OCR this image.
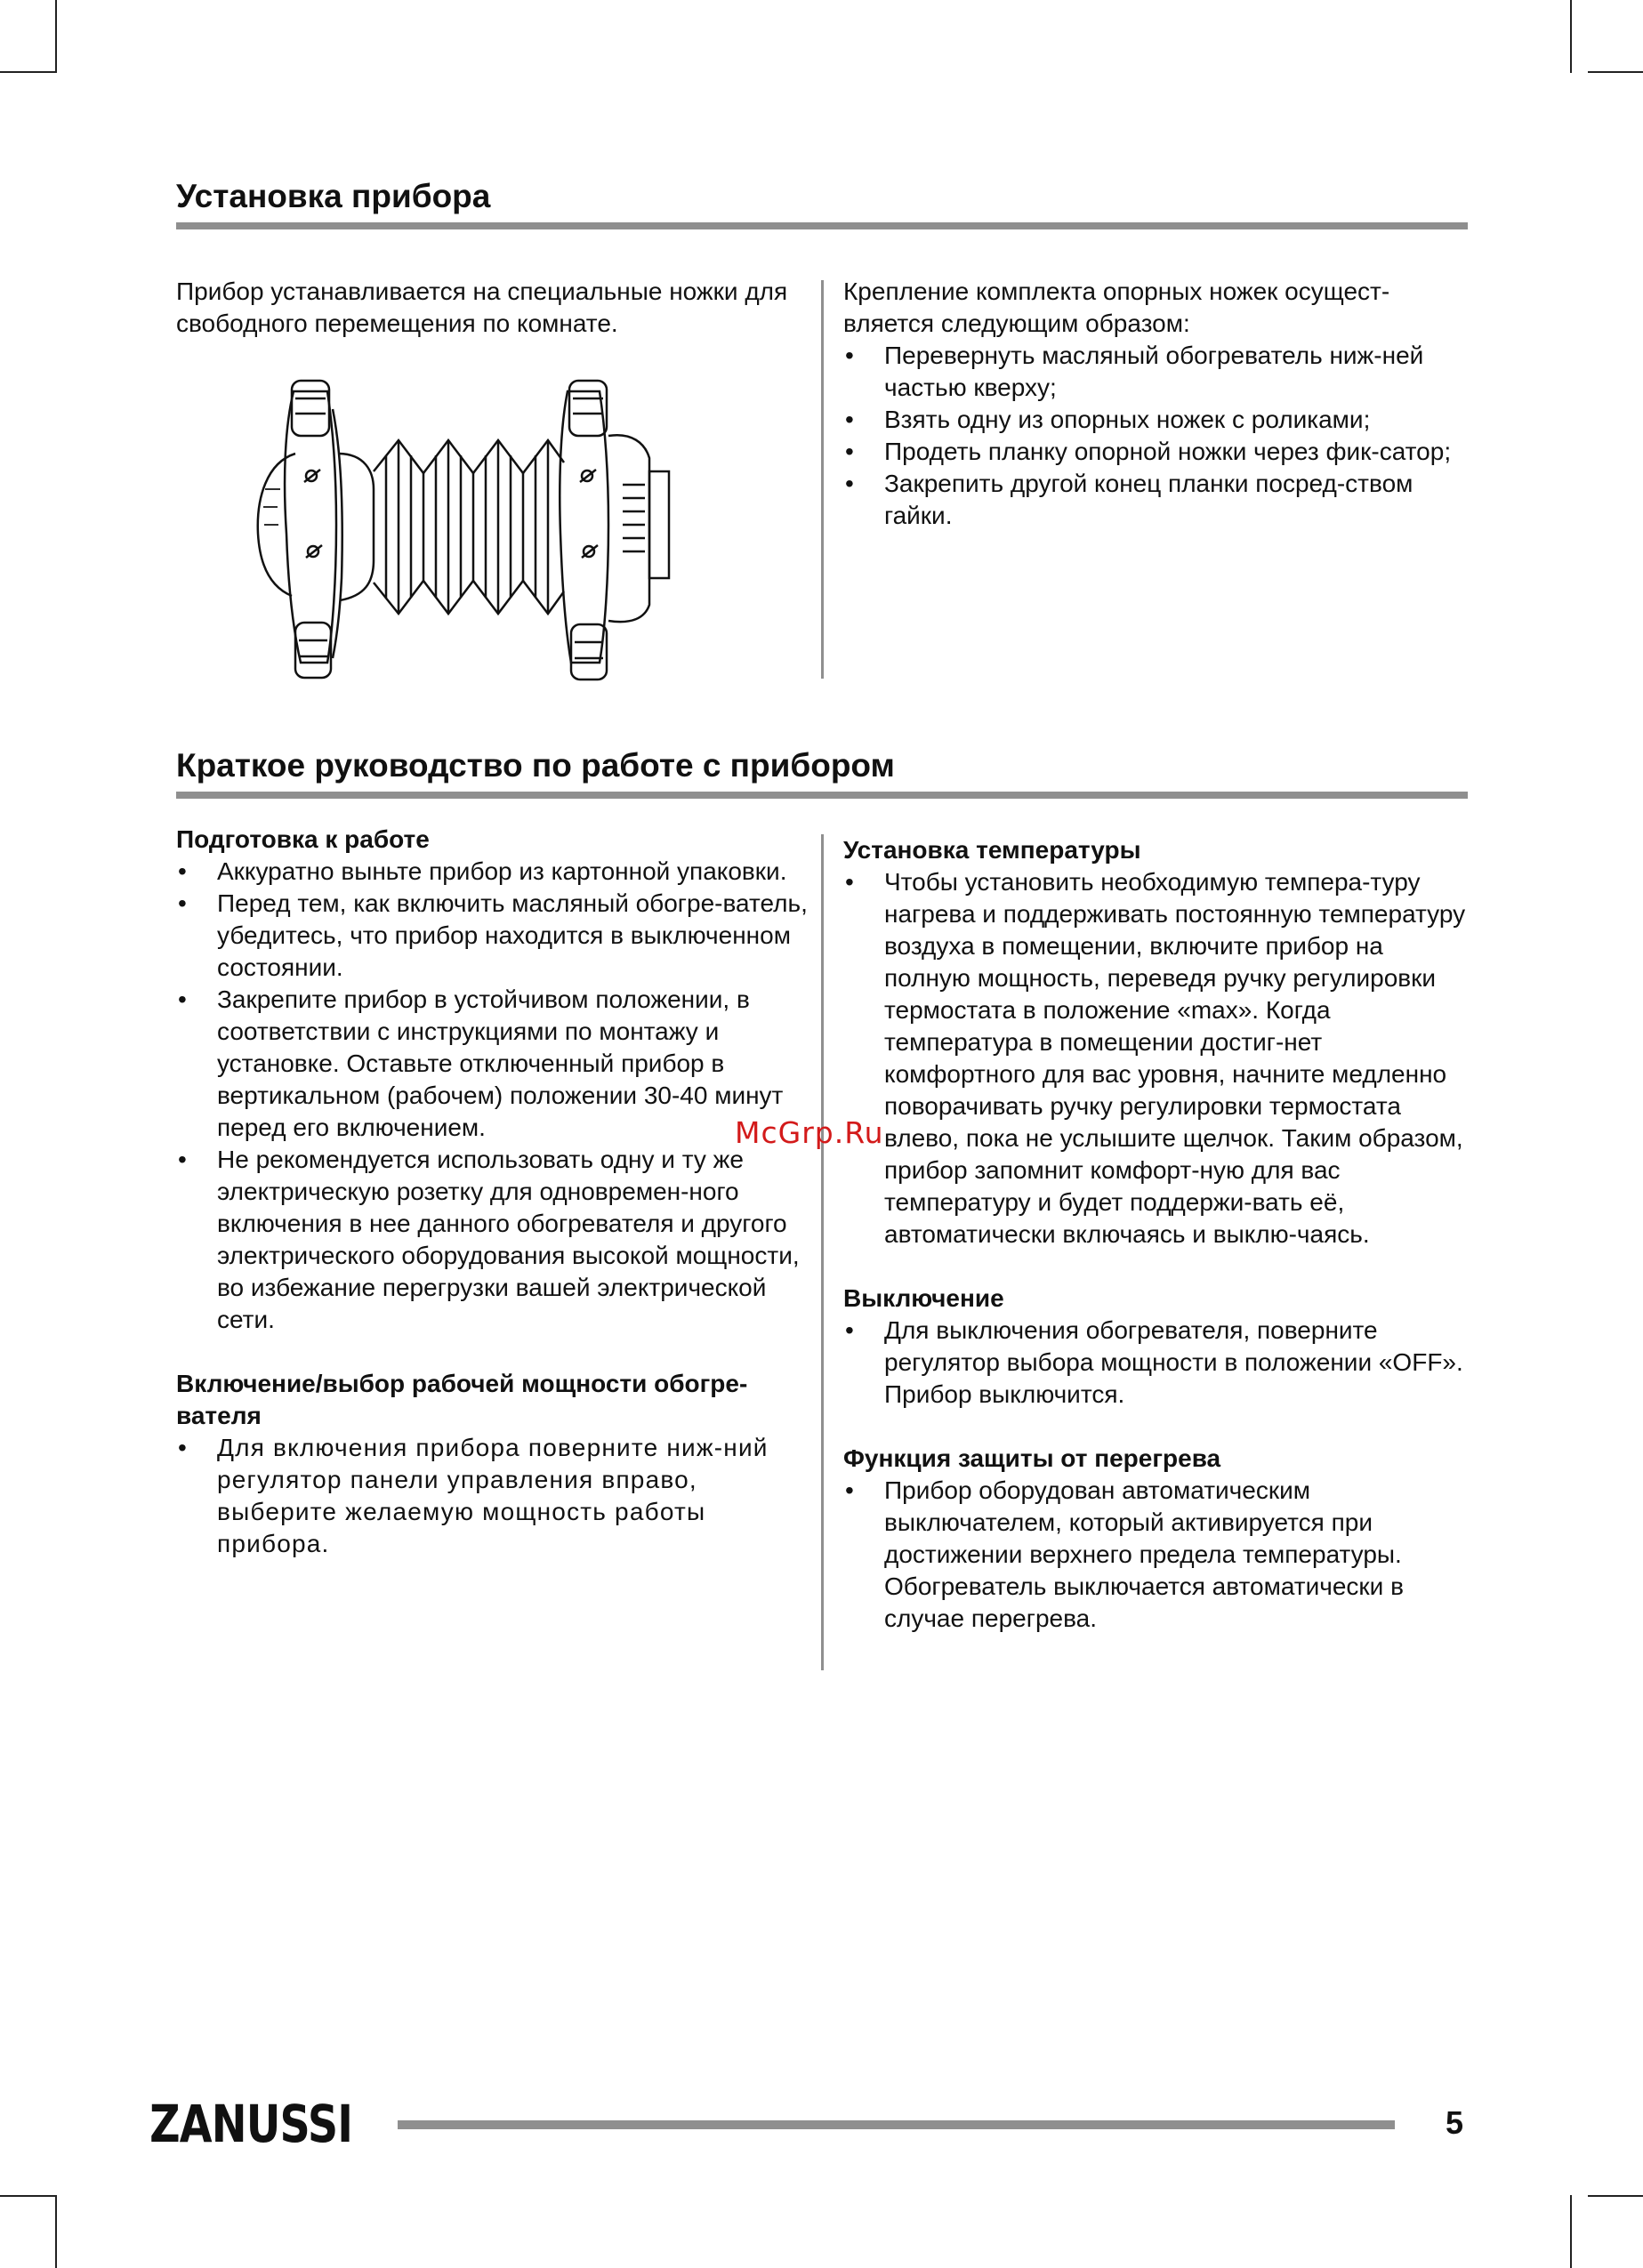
Установка прибора

Прибор устанавливается на специальные ножки для свободного перемещения по комнате.

Крепление комплекта опорных ножек осущест-вляется следующим образом:

• Перевернуть масляный обогреватель ниж-ней частью кверху;
• Взять одну из опорных ножек с роликами;
• Продеть планку опорной ножки через фик-сатор;
• Закрепить другой конец планки посред-ством гайки.
Краткое руководство по работе с прибором

Подготовка к работе

• Аккуратно выньте прибор из картонной упаковки.
• Перед тем, как включить масляный обогре-ватель, убедитесь, что прибор находится в выключенном состоянии.
• Закрепите прибор в устойчивом положении, в соответствии с инструкциями по монтажу и установке. Оставьте отключенный прибор в вертикальном (рабочем) положении 30-40 минут перед его включением.
• Не рекомендуется использовать одну и ту же электрическую розетку для одновремен-ного включения в нее данного обогревателя и другого электрического оборудования высокой мощности, во избежание перегрузки вашей электрической сети.

Включение/выбор рабочей мощности обогре-вателя

• Для включения прибора поверните ниж-ний регулятор панели управления вправо, выберите желаемую мощность работы прибора.

Установка температуры

• Чтобы установить необходимую темпера-туру нагрева и поддерживать постоянную температуру воздуха в помещении, включите прибор на полную мощность, переведя ручку регулировки термостата в положение «max». Когда температура в помещении достиг-нет комфортного для вас уровня, начните медленно поворачивать ручку регулировки термостата влево, пока не услышите щелчок. Таким образом, прибор запомнит комфорт-ную для вас температуру и будет поддержи-вать её, автоматически включаясь и выклю-чаясь.

Выключение

• Для выключения обогревателя, поверните регулятор выбора мощности в положении «OFF». Прибор выключится.

Функция защиты от перегрева

• Прибор оборудован автоматическим выключателем, который активируется при достижении верхнего предела температуры. Обогреватель выключается автоматически в случае перегрева.
McGrp.Ru
ZANUSSI	5
